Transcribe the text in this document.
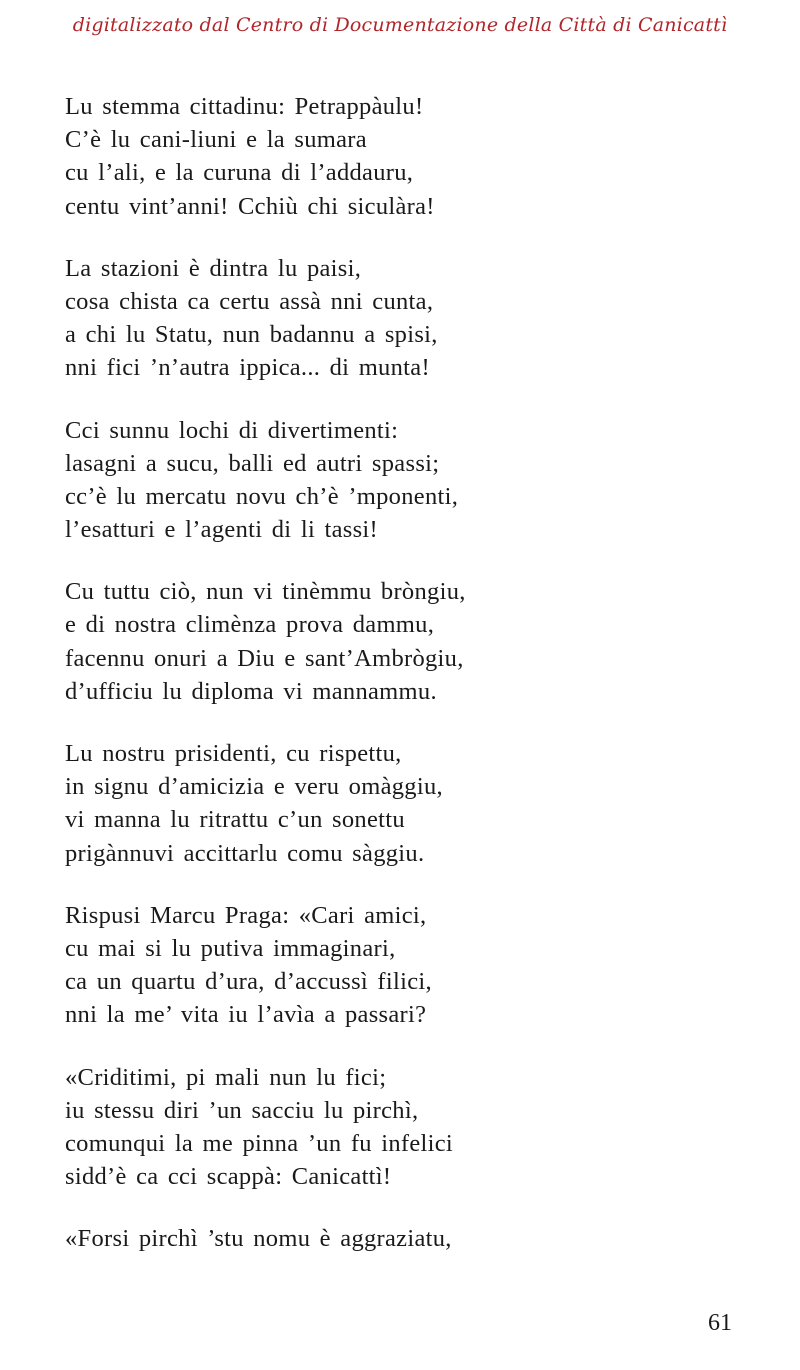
digitalizzato dal Centro di Documentazione della Città di Canicattì
Lu stemma cittadinu: Petrappàulu!
C’è lu cani-liuni e la sumara
cu l’ali, e la curuna di l’addauru,
centu vint’anni! Cchiù chi siculàra!
La stazioni è dintra lu paisi,
cosa chista ca certu assà nni cunta,
a chi lu Statu, nun badannu a spisi,
nni fici ’n’autra ippica... di munta!
Cci sunnu lochi di divertimenti:
lasagni a sucu, balli ed autri spassi;
cc’è lu mercatu novu ch’è ’mponenti,
l’esatturi e l’agenti di li tassi!
Cu tuttu ciò, nun vi tinèmmu bròngiu,
e di nostra climènza prova dammu,
facennu onuri a Diu e sant’Ambrògiu,
d’ufficiu lu diploma vi mannammu.
Lu nostru prisidenti, cu rispettu,
in signu d’amicizia e veru omàggiu,
vi manna lu ritrattu c’un sonettu
prigànnuvi accittarlu comu sàggiu.
Rispusi Marcu Praga: «Cari amici,
cu mai si lu putiva immaginari,
ca un quartu d’ura, d’accussì filici,
nni la me’ vita iu l’avìa a passari?
«Criditimi, pi mali nun lu fici;
iu stessu diri ’un sacciu lu pirchì,
comunqui la me pinna ’un fu infelici
sidd’è ca cci scappà: Canicattì!
«Forsi pirchì ’stu nomu è aggraziatu,
61
